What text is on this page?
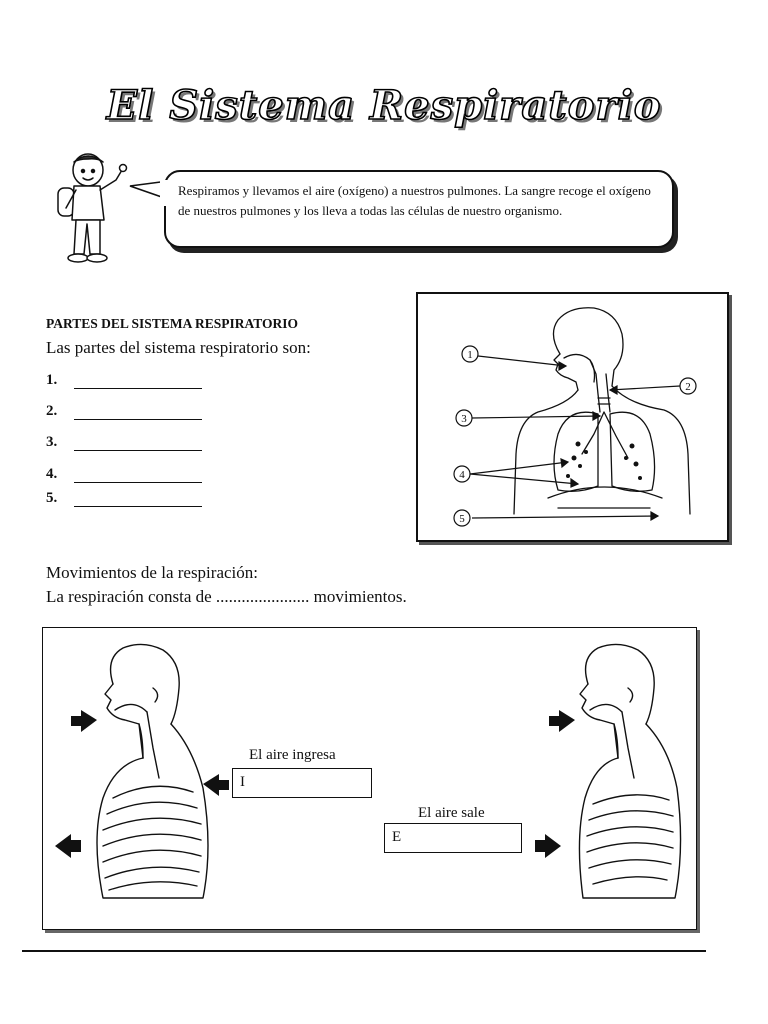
El Sistema Respiratorio
Respiramos y llevamos el aire (oxígeno) a nuestros pulmones. La sangre recoge el oxígeno de nuestros pulmones y los lleva a todas las células de nuestro organismo.
PARTES DEL SISTEMA RESPIRATORIO
Las partes del sistema respiratorio son:
1.
2.
3.
4.
5.
1
2
3
4
5
Movimientos de la respiración:
La respiración consta de ...................... movimientos.
El aire ingresa
I
El aire sale
E
